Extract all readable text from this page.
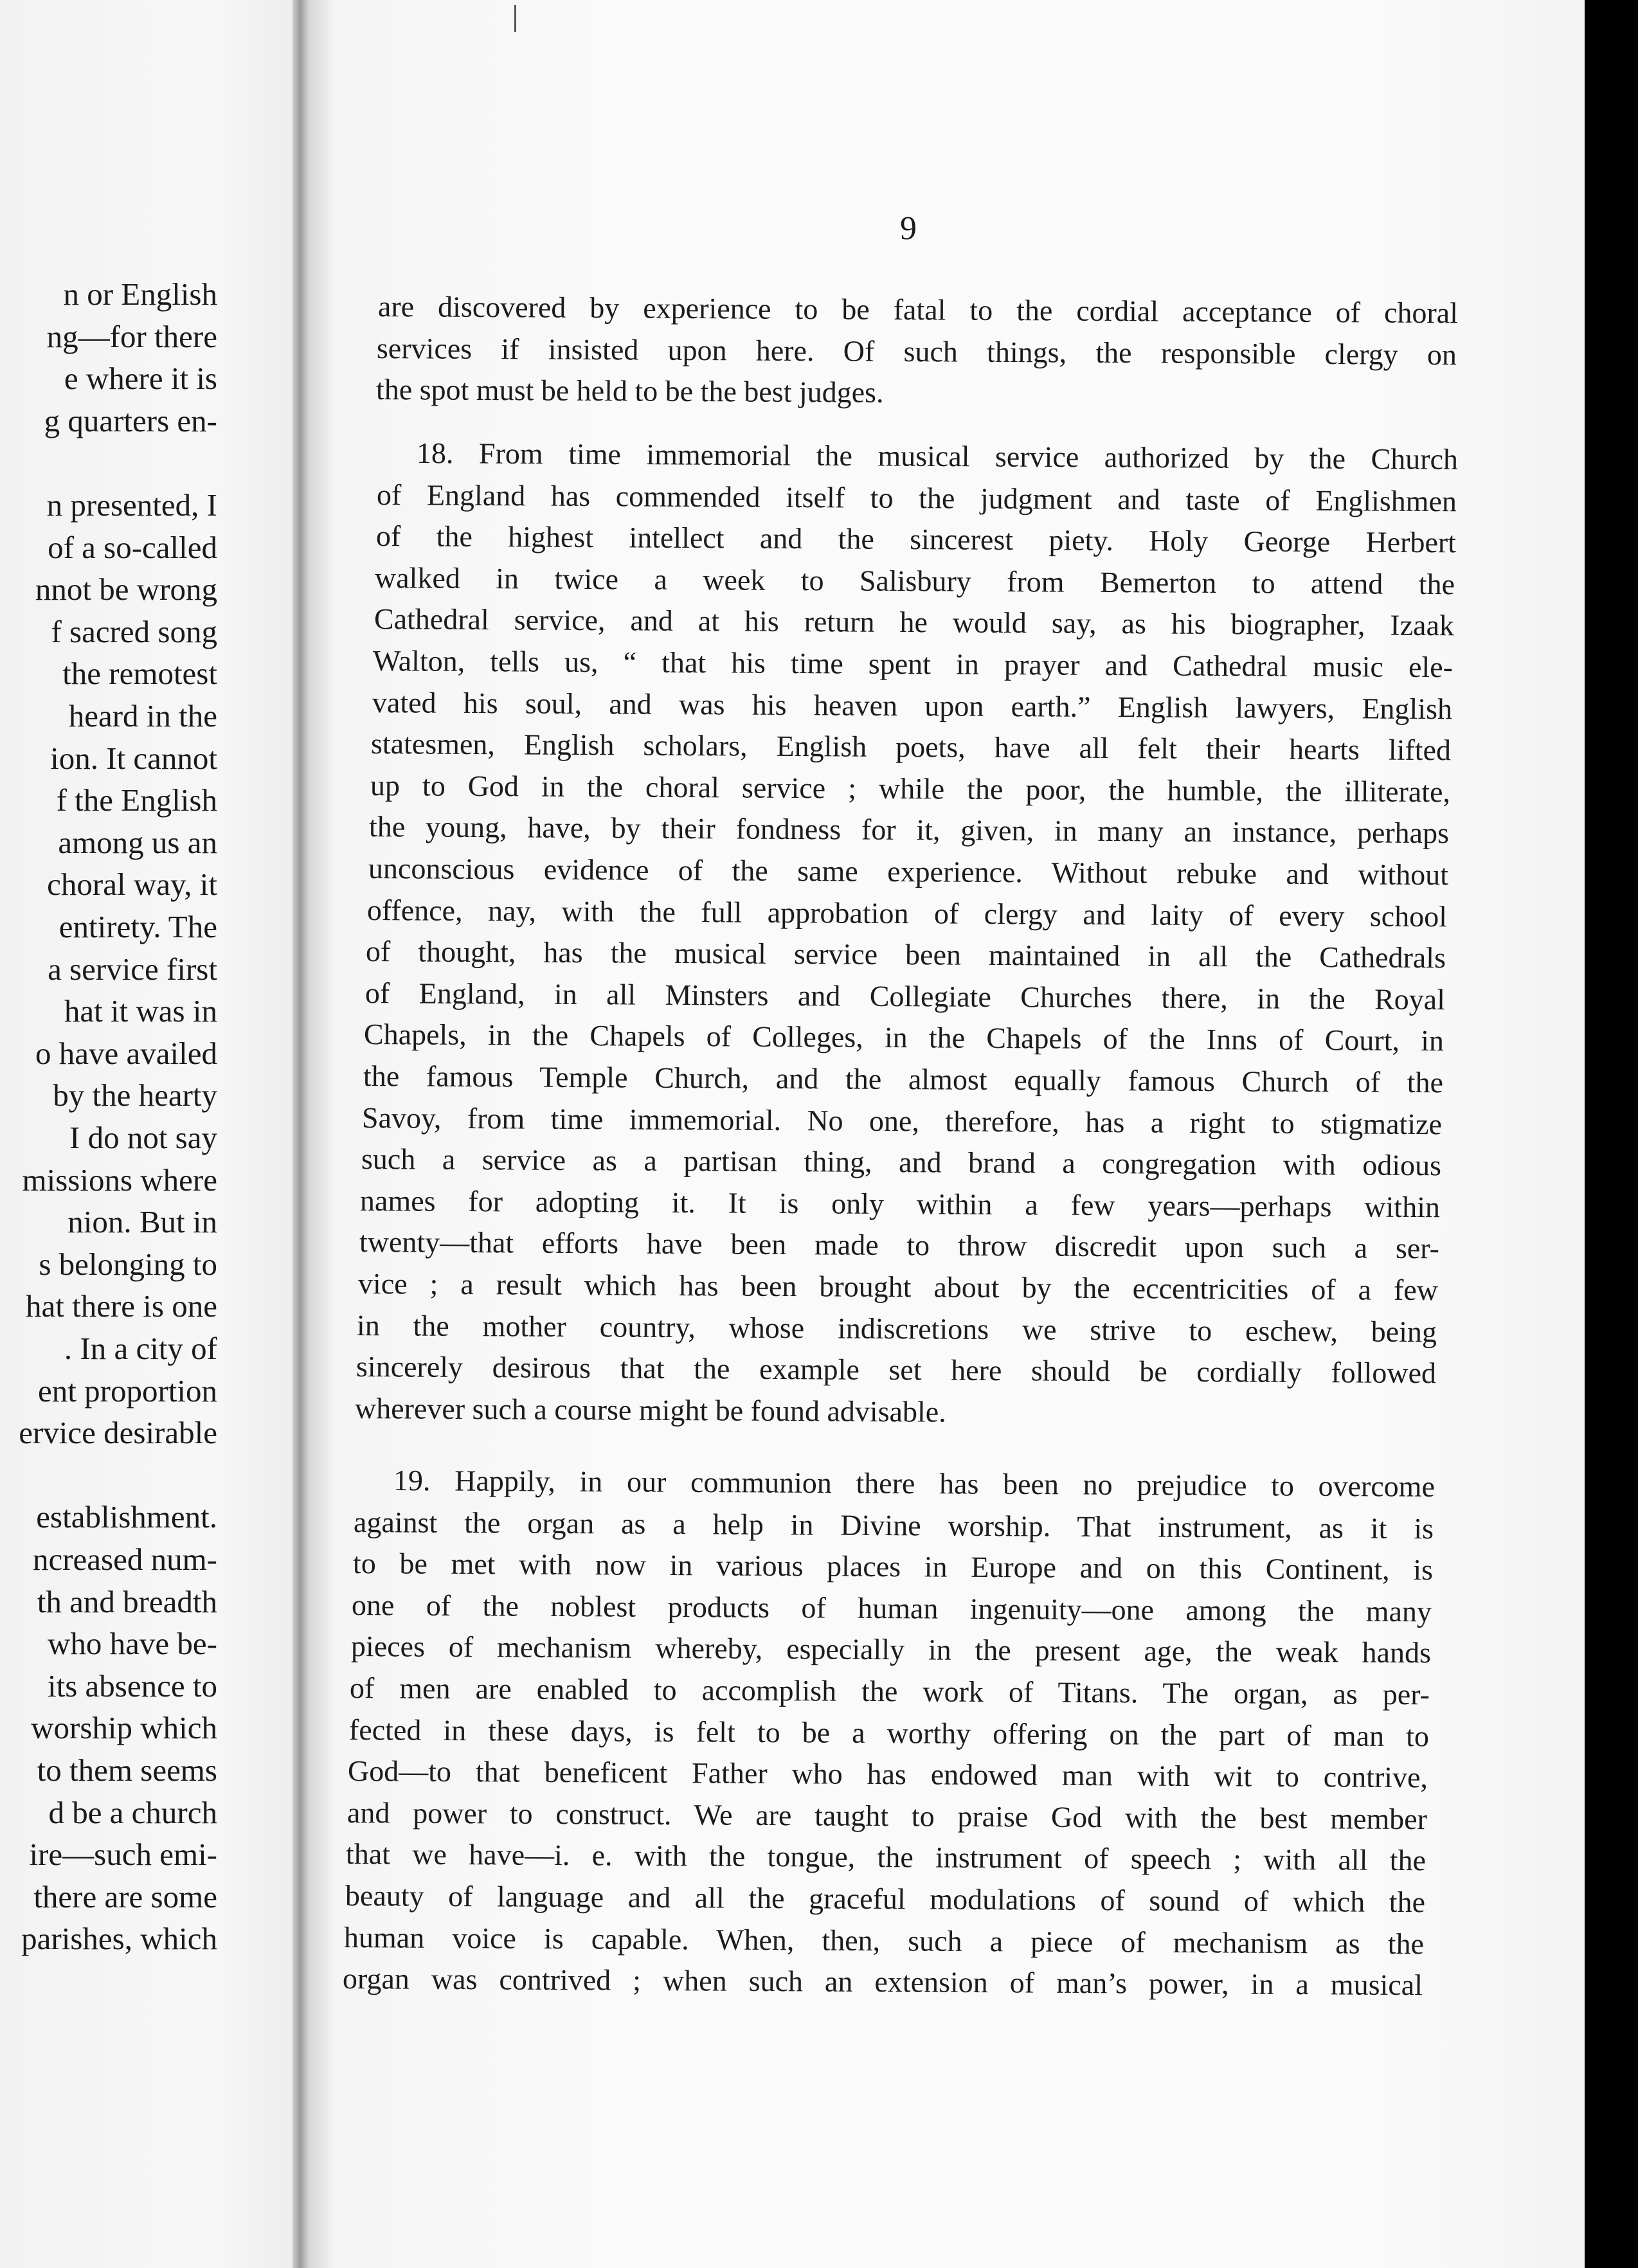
n or English
ng—for there
e where it is
g quarters en-
n presented, I
of a so-called
nnot be wrong
f sacred song
the remotest
heard in the
ion. It cannot
f the English
among us an
choral way, it
entirety. The
a service first
hat it was in
o have availed
by the hearty
I do not say
missions where
nion. But in
s belonging to
hat there is one
. In a city of
ent proportion
ervice desirable
establishment.
ncreased num-
th and breadth
who have be-
its absence to
worship which
to them seems
d be a church
ire—such emi-
there are some
parishes, which
9
are discovered by experience to be fatal to the cordial acceptance of choral
services if insisted upon here. Of such things, the responsible clergy on
the spot must be held to be the best judges.
18. From time immemorial the musical service authorized by the Church
of England has commended itself to the judgment and taste of Englishmen
of the highest intellect and the sincerest piety. Holy George Herbert
walked in twice a week to Salisbury from Bemerton to attend the
Cathedral service, and at his return he would say, as his biographer, Izaak
Walton, tells us, “ that his time spent in prayer and Cathedral music ele-
vated his soul, and was his heaven upon earth.” English lawyers, English
statesmen, English scholars, English poets, have all felt their hearts lifted
up to God in the choral service ; while the poor, the humble, the illiterate,
the young, have, by their fondness for it, given, in many an instance, perhaps
unconscious evidence of the same experience. Without rebuke and without
offence, nay, with the full approbation of clergy and laity of every school
of thought, has the musical service been maintained in all the Cathedrals
of England, in all Minsters and Collegiate Churches there, in the Royal
Chapels, in the Chapels of Colleges, in the Chapels of the Inns of Court, in
the famous Temple Church, and the almost equally famous Church of the
Savoy, from time immemorial. No one, therefore, has a right to stigmatize
such a service as a partisan thing, and brand a congregation with odious
names for adopting it. It is only within a few years—perhaps within
twenty—that efforts have been made to throw discredit upon such a ser-
vice ; a result which has been brought about by the eccentricities of a few
in the mother country, whose indiscretions we strive to eschew, being
sincerely desirous that the example set here should be cordially followed
wherever such a course might be found advisable.
19. Happily, in our communion there has been no prejudice to overcome
against the organ as a help in Divine worship. That instrument, as it is
to be met with now in various places in Europe and on this Continent, is
one of the noblest products of human ingenuity—one among the many
pieces of mechanism whereby, especially in the present age, the weak hands
of men are enabled to accomplish the work of Titans. The organ, as per-
fected in these days, is felt to be a worthy offering on the part of man to
God—to that beneficent Father who has endowed man with wit to contrive,
and power to construct. We are taught to praise God with the best member
that we have—i. e. with the tongue, the instrument of speech ; with all the
beauty of language and all the graceful modulations of sound of which the
human voice is capable. When, then, such a piece of mechanism as the
organ was contrived ; when such an extension of man’s power, in a musical
